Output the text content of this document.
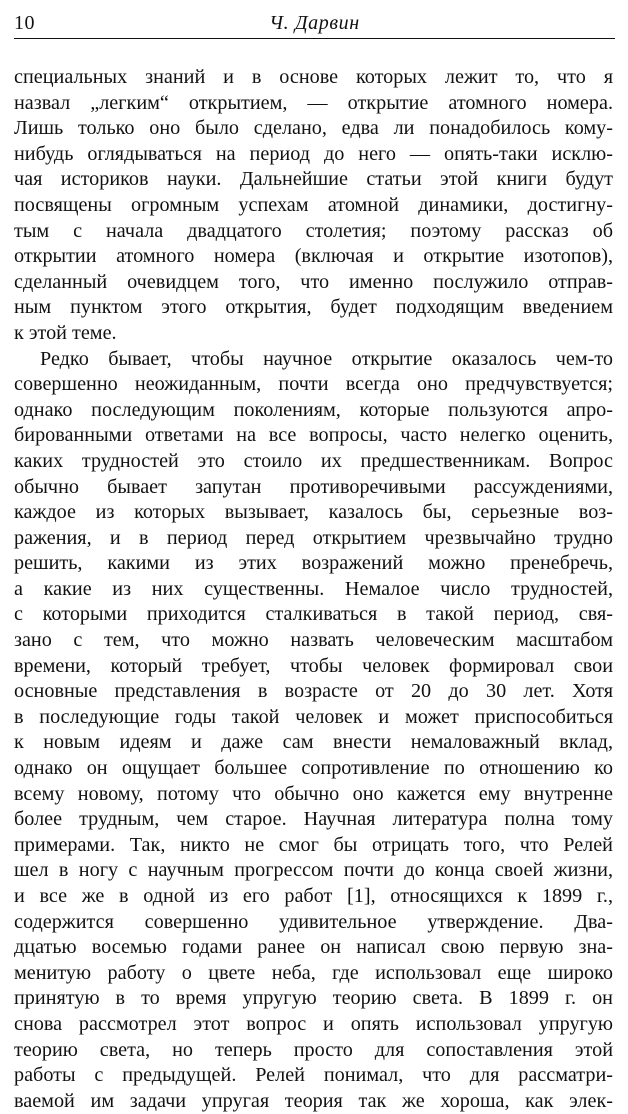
10	Ч. Дарвин
специальных знаний и в основе которых лежит то, что я
назвал „легким“ открытием, — открытие атомного номера.
Лишь только оно было сделано, едва ли понадобилось кому-
нибудь оглядываться на период до него — опять-таки исклю-
чая историков науки. Дальнейшие статьи этой книги будут
посвящены огромным успехам атомной динамики, достигну-
тым с начала двадцатого столетия; поэтому рассказ об
открытии атомного номера (включая и открытие изотопов),
сделанный очевидцем того, что именно послужило отправ-
ным пунктом этого открытия, будет подходящим введением
к этой теме.
Редко бывает, чтобы научное открытие оказалось чем-то
совершенно неожиданным, почти всегда оно предчувствуется;
однако последующим поколениям, которые пользуются апро-
бированными ответами на все вопросы, часто нелегко оценить,
каких трудностей это стоило их предшественникам. Вопрос
обычно бывает запутан противоречивыми рассуждениями,
каждое из которых вызывает, казалось бы, серьезные воз-
ражения, и в период перед открытием чрезвычайно трудно
решить, какими из этих возражений можно пренебречь,
а какие из них существенны. Немалое число трудностей,
с которыми приходится сталкиваться в такой период, свя-
зано с тем, что можно назвать человеческим масштабом
времени, который требует, чтобы человек формировал свои
основные представления в возрасте от 20 до 30 лет. Хотя
в последующие годы такой человек и может приспособиться
к новым идеям и даже сам внести немаловажный вклад,
однако он ощущает большее сопротивление по отношению ко
всему новому, потому что обычно оно кажется ему внутренне
более трудным, чем старое. Научная литература полна тому
примерами. Так, никто не смог бы отрицать того, что Релей
шел в ногу с научным прогрессом почти до конца своей жизни,
и все же в одной из его работ [1], относящихся к 1899 г.,
содержится совершенно удивительное утверждение. Два-
дцатью восемью годами ранее он написал свою первую зна-
менитую работу о цвете неба, где использовал еще широко
принятую в то время упругую теорию света. В 1899 г. он
снова рассмотрел этот вопрос и опять использовал упругую
теорию света, но теперь просто для сопоставления этой
работы с предыдущей. Релей понимал, что для рассматри-
ваемой им задачи упругая теория так же хороша, как элек-
